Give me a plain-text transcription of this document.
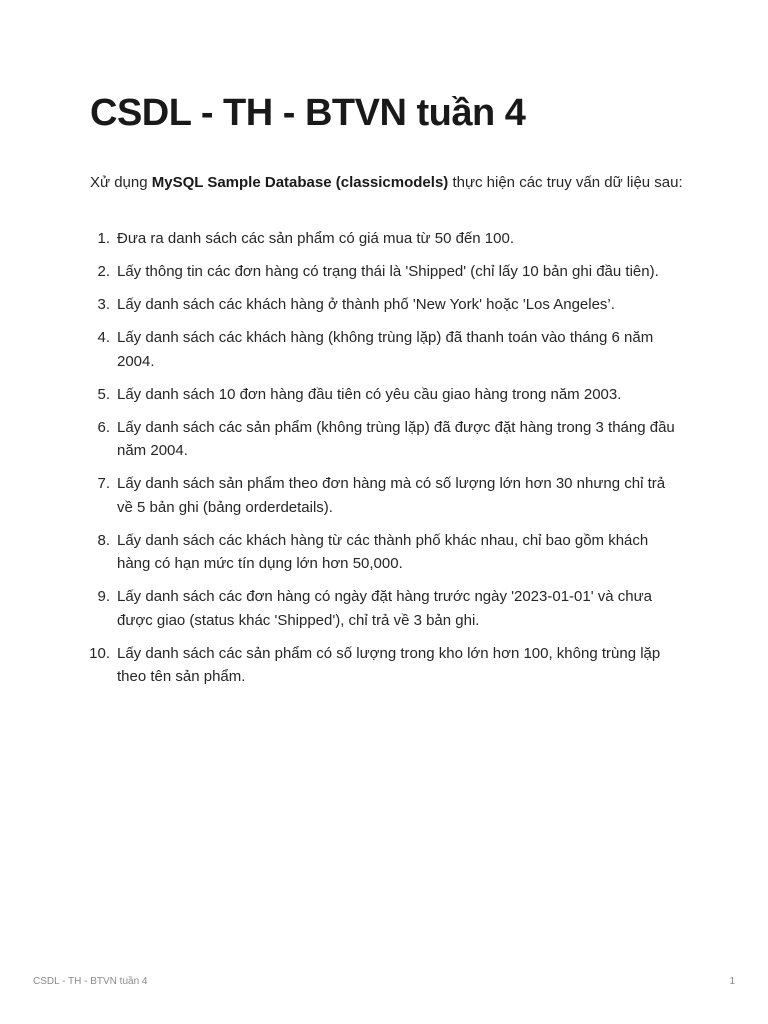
CSDL - TH - BTVN tuần 4

Xử dụng MySQL Sample Database (classicmodels) thực hiện các truy vấn dữ liệu sau:

1. Đưa ra danh sách các sản phẩm có giá mua từ 50 đến 100.
2. Lấy thông tin các đơn hàng có trạng thái là 'Shipped' (chỉ lấy 10 bản ghi đầu tiên).
3. Lấy danh sách các khách hàng ở thành phố 'New York' hoặc 'Los Angeles’.
4. Lấy danh sách các khách hàng (không trùng lặp) đã thanh toán vào tháng 6 năm 2004.
5. Lấy danh sách 10 đơn hàng đầu tiên có yêu cầu giao hàng trong năm 2003.
6. Lấy danh sách các sản phẩm (không trùng lặp) đã được đặt hàng trong 3 tháng đầu năm 2004.
7. Lấy danh sách sản phẩm theo đơn hàng mà có số lượng lớn hơn 30 nhưng chỉ trả về 5 bản ghi (bảng orderdetails).
8. Lấy danh sách các khách hàng từ các thành phố khác nhau, chỉ bao gồm khách hàng có hạn mức tín dụng lớn hơn 50,000.
9. Lấy danh sách các đơn hàng có ngày đặt hàng trước ngày '2023-01-01' và chưa được giao (status khác 'Shipped'), chỉ trả về 3 bản ghi.
10. Lấy danh sách các sản phẩm có số lượng trong kho lớn hơn 100, không trùng lặp theo tên sản phẩm.
CSDL - TH - BTVN tuần 4	1
